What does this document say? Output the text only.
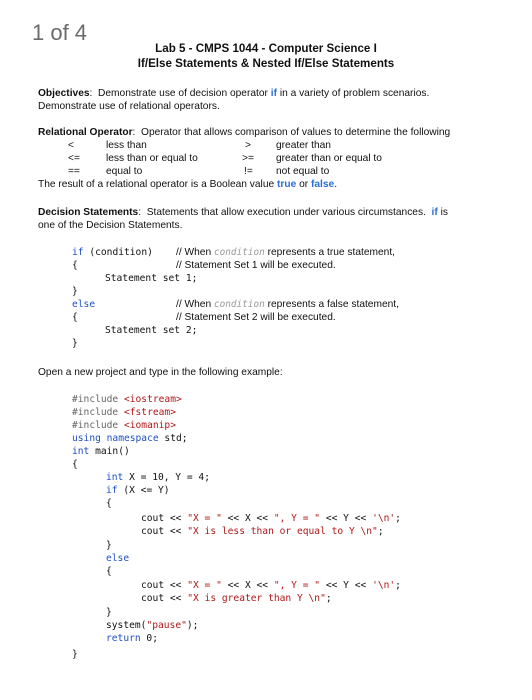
1 of 4
Lab 5 - CMPS 1044 - Computer Science I
If/Else Statements & Nested If/Else Statements
Objectives:  Demonstrate use of decision operator if in a variety of problem scenarios.
Demonstrate use of relational operators.
Relational Operator:  Operator that allows comparison of values to determine the following
<	less than	> greater than
<=	less than or equal to	>= greater than or equal to
==	equal to	!= not equal to
The result of a relational operator is a Boolean value true or false.
Decision Statements:  Statements that allow execution under various circumstances.  if is
one of the Decision Statements.
if (condition) // When condition represents a true statement,
{	// Statement Set 1 will be executed.
Statement set 1;
}
else	// When condition represents a false statement,
{	// Statement Set 2 will be executed.
Statement set 2;
}
Open a new project and type in the following example:
#include <iostream>
#include <fstream>
#include <iomanip>
using namespace std;
int main()
{
int X = 10, Y = 4;
if (X <= Y)
{
cout << "X = " << X << ", Y = " << Y << '\n';
cout << "X is less than or equal to Y \n";
}
else
{
cout << "X = " << X << ", Y = " << Y << '\n';
cout << "X is greater than Y \n";
}
system("pause");
return 0;
}
